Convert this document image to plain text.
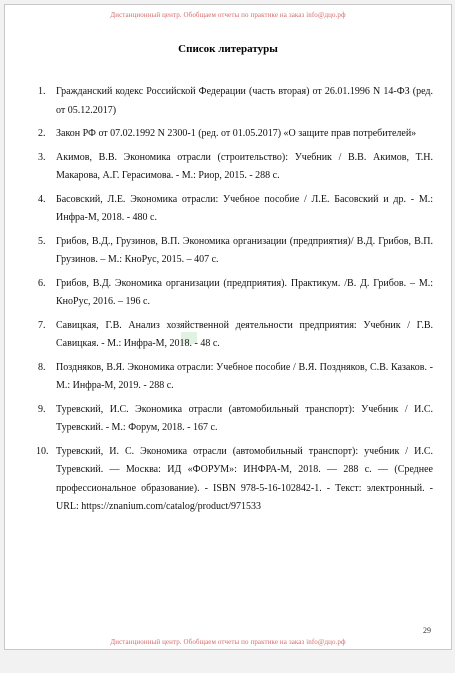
Дистанционный центр. Обобщаем отчеты по практике на заказ info@дцо.рф
Список литературы
1. Гражданский кодекс Российской Федерации (часть вторая) от 26.01.1996 N 14-ФЗ (ред. от 05.12.2017)
2. Закон РФ от 07.02.1992 N 2300-1 (ред. от 01.05.2017) «О защите прав потребителей»
3. Акимов, В.В. Экономика отрасли (строительство): Учебник / В.В. Акимов, Т.Н. Макарова, А.Г. Герасимова. - М.: Риор, 2015. - 288 с.
4. Басовский, Л.Е. Экономика отрасли: Учебное пособие / Л.Е. Басовский и др. - М.: Инфра-М, 2018. - 480 с.
5. Грибов, В.Д., Грузинов, В.П. Экономика организации (предприятия)/ В.Д. Грибов, В.П. Грузинов. – М.: КноРус, 2015. – 407 с.
6. Грибов, В.Д. Экономика организации (предприятия). Практикум. /В. Д. Грибов. – М.: КноРус, 2016. – 196 с.
7. Савицкая, Г.В. Анализ хозяйственной деятельности предприятия: Учебник / Г.В. Савицкая. - М.: Инфра-М, 2018. - 48 с.
8. Поздняков, В.Я. Экономика отрасли: Учебное пособие / В.Я. Поздняков, С.В. Казаков. - М.: Инфра-М, 2019. - 288 с.
9. Туревский, И.С. Экономика отрасли (автомобильный транспорт): Учебник / И.С. Туревский. - М.: Форум, 2018. - 167 с.
10. Туревский, И. С. Экономика отрасли (автомобильный транспорт): учебник / И.С. Туревский. — Москва: ИД «ФОРУМ»: ИНФРА-М, 2018. — 288 с. — (Среднее профессиональное образование). - ISBN 978-5-16-102842-1. - Текст: электронный. - URL: https://znanium.com/catalog/product/971533
29
Дистанционный центр. Обобщаем отчеты по практике на заказ info@дцо.рф
